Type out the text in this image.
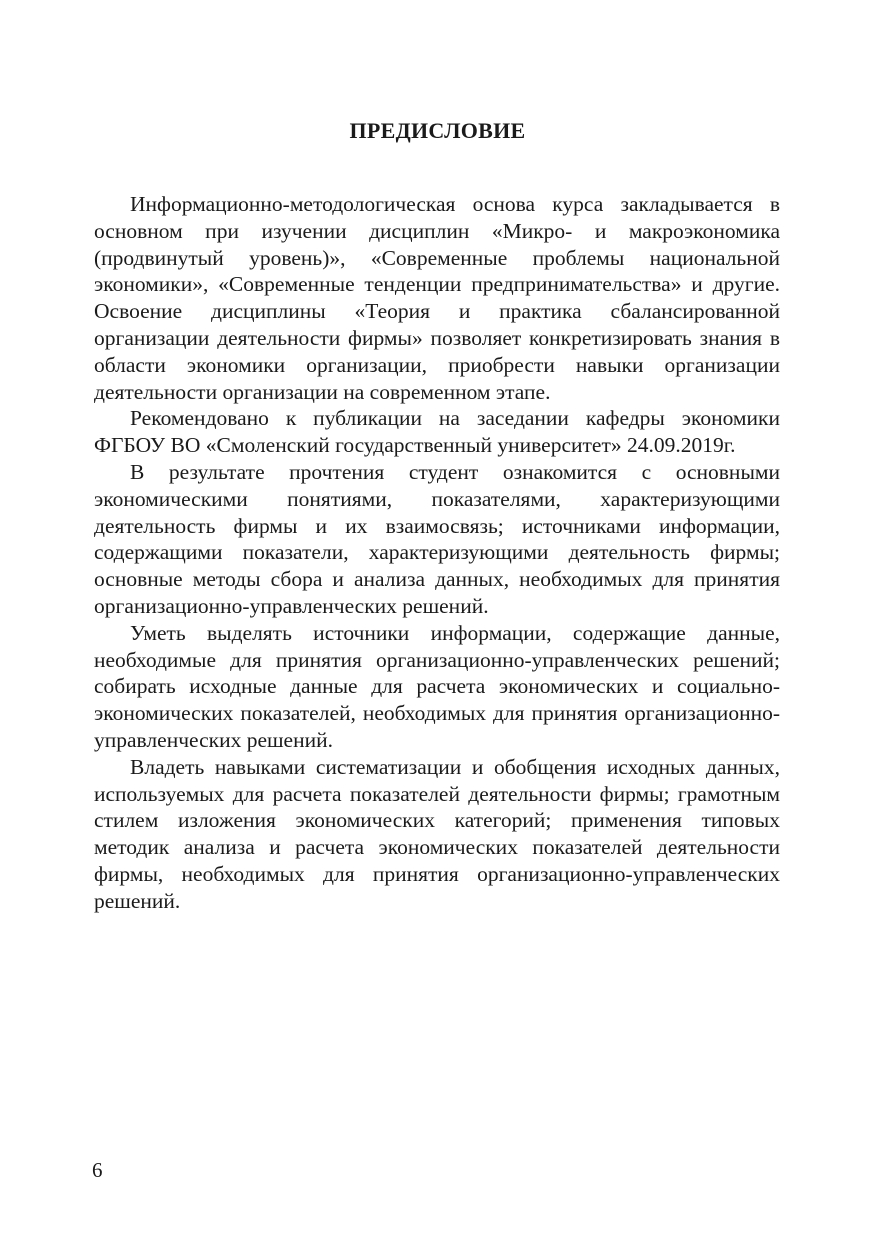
ПРЕДИСЛОВИЕ

Информационно-методологическая основа курса закладывается в основном при изучении дисциплин «Микро- и макроэкономика (продвинутый уровень)», «Современные проблемы национальной экономики», «Современные тенденции предпринимательства» и другие. Освоение дисциплины «Теория и практика сбалансированной организации деятельности фирмы» позволяет конкретизировать знания в области экономики организации, приобрести навыки организации деятельности организации на современном этапе.

Рекомендовано к публикации на заседании кафедры экономики ФГБОУ ВО «Смоленский государственный университет» 24.09.2019г.

В результате прочтения студент ознакомится с основными экономическими понятиями, показателями, характеризующими деятельность фирмы и их взаимосвязь; источниками информации, содержащими показатели, характеризующими деятельность фирмы; основные методы сбора и анализа данных, необходимых для принятия организационно-управленческих решений.

Уметь выделять источники информации, содержащие данные, необходимые для принятия организационно-управленческих решений; собирать исходные данные для расчета экономических и социально-экономических показателей, необходимых для принятия организационно-управленческих решений.

Владеть навыками систематизации и обобщения исходных данных, используемых для расчета показателей деятельности фирмы; грамотным стилем изложения экономических категорий; применения типовых методик анализа и расчета экономических показателей деятельности фирмы, необходимых для принятия организационно-управленческих решений.

6
